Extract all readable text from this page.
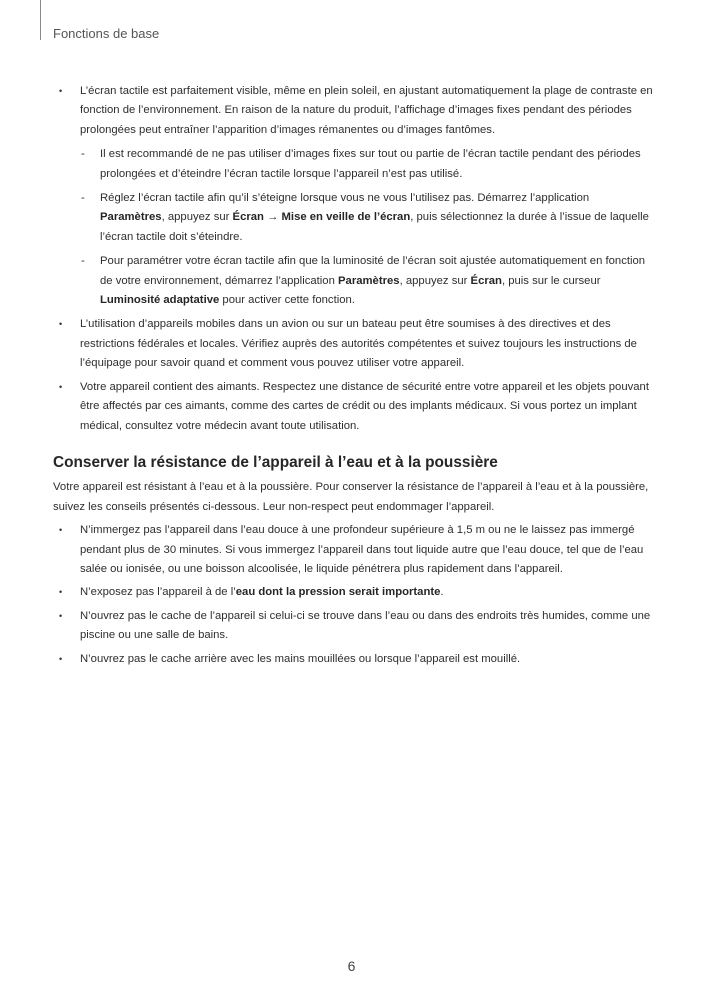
Fonctions de base
• L’écran tactile est parfaitement visible, même en plein soleil, en ajustant automatiquement la plage de contraste en fonction de l’environnement. En raison de la nature du produit, l’affichage d’images fixes pendant des périodes prolongées peut entraîner l’apparition d’images rémanentes ou d’images fantômes.
- Il est recommandé de ne pas utiliser d’images fixes sur tout ou partie de l’écran tactile pendant des périodes prolongées et d’éteindre l’écran tactile lorsque l’appareil n’est pas utilisé.
- Réglez l’écran tactile afin qu’il s’éteigne lorsque vous ne vous l’utilisez pas. Démarrez l’application Paramètres, appuyez sur Écran → Mise en veille de l’écran, puis sélectionnez la durée à l’issue de laquelle l’écran tactile doit s’éteindre.
- Pour paramétrer votre écran tactile afin que la luminosité de l’écran soit ajustée automatiquement en fonction de votre environnement, démarrez l’application Paramètres, appuyez sur Écran, puis sur le curseur Luminosité adaptative pour activer cette fonction.
• L’utilisation d’appareils mobiles dans un avion ou sur un bateau peut être soumises à des directives et des restrictions fédérales et locales. Vérifiez auprès des autorités compétentes et suivez toujours les instructions de l’équipage pour savoir quand et comment vous pouvez utiliser votre appareil.
• Votre appareil contient des aimants. Respectez une distance de sécurité entre votre appareil et les objets pouvant être affectés par ces aimants, comme des cartes de crédit ou des implants médicaux. Si vous portez un implant médical, consultez votre médecin avant toute utilisation.
Conserver la résistance de l’appareil à l’eau et à la poussière

Votre appareil est résistant à l’eau et à la poussière. Pour conserver la résistance de l’appareil à l’eau et à la poussière, suivez les conseils présentés ci-dessous. Leur non-respect peut endommager l’appareil.

• N’immergez pas l’appareil dans l’eau douce à une profondeur supérieure à 1,5 m ou ne le laissez pas immergé pendant plus de 30 minutes. Si vous immergez l’appareil dans tout liquide autre que l’eau douce, tel que de l’eau salée ou ionisée, ou une boisson alcoolisée, le liquide pénétrera plus rapidement dans l’appareil.
• N’exposez pas l’appareil à de l’eau dont la pression serait importante.
• N’ouvrez pas le cache de l’appareil si celui-ci se trouve dans l’eau ou dans des endroits très humides, comme une piscine ou une salle de bains.
• N’ouvrez pas le cache arrière avec les mains mouillées ou lorsque l’appareil est mouillé.
6
